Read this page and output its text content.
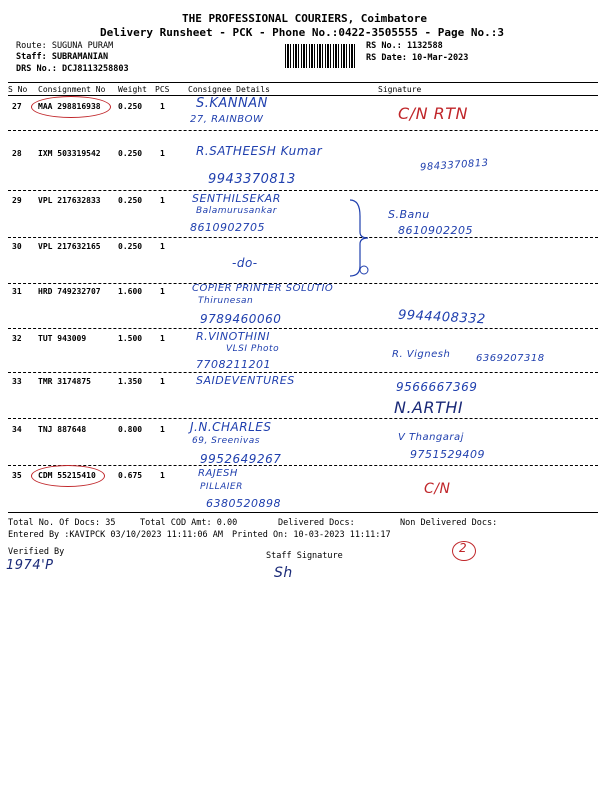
THE PROFESSIONAL COURIERS, Coimbatore
Delivery Runsheet - PCK - Phone No.:0422-3505555 - Page No.:3
Route: SUGUNA PURAM
Staff: SUBRAMANIAN
DRS No.: DCJ8113258803
RS No.: 1132588
RS Date: 10-Mar-2023
S No Consignment No Weight PCS Consignee Details	Signature
27 MAA 298816938 0.250 1 S.KANNAN
27, RAINBOW	C/N RTN
28 IXM 503319542 0.250 1	R.SATHEESH Kumar
9943370813
9843370813
29 VPL 217632833 0.250 1 SENTHILSEKAR
Balamurusankar
8610902705
S.Banu
8610902205
30 VPL 217632165 0.250 1
-do-
31 HRD 749232707 1.600 1	COPIER PRINTER SOLUTIO
Thirunesan
9789460060	9944408332
32 TUT 943009	1.500 1	R.VINOTHINI
VLSI Photo
7708211201
R. Vignesh	6369207318
33 TMR 3174875	1.350 1	SAIDEVENTURES	9566667369
N.ARTHI
34 TNJ 887648	0.800 1 J.N.CHARLES
69, Sreenivas
9952649267
V Thangaraj
9751529409
35 CDM 55215410	0.675 1	RAJESH
PILLAIER
6380520898
C/N
Total No. Of Docs: 35	Total COD Amt: 0.00	Delivered Docs:	Non Delivered Docs:
Entered By :KAVIPCK 03/10/2023 11:11:06 AM Printed On: 10-03-2023 11:11:17
Verified By	Staff Signature
1974'P	Sh
2
